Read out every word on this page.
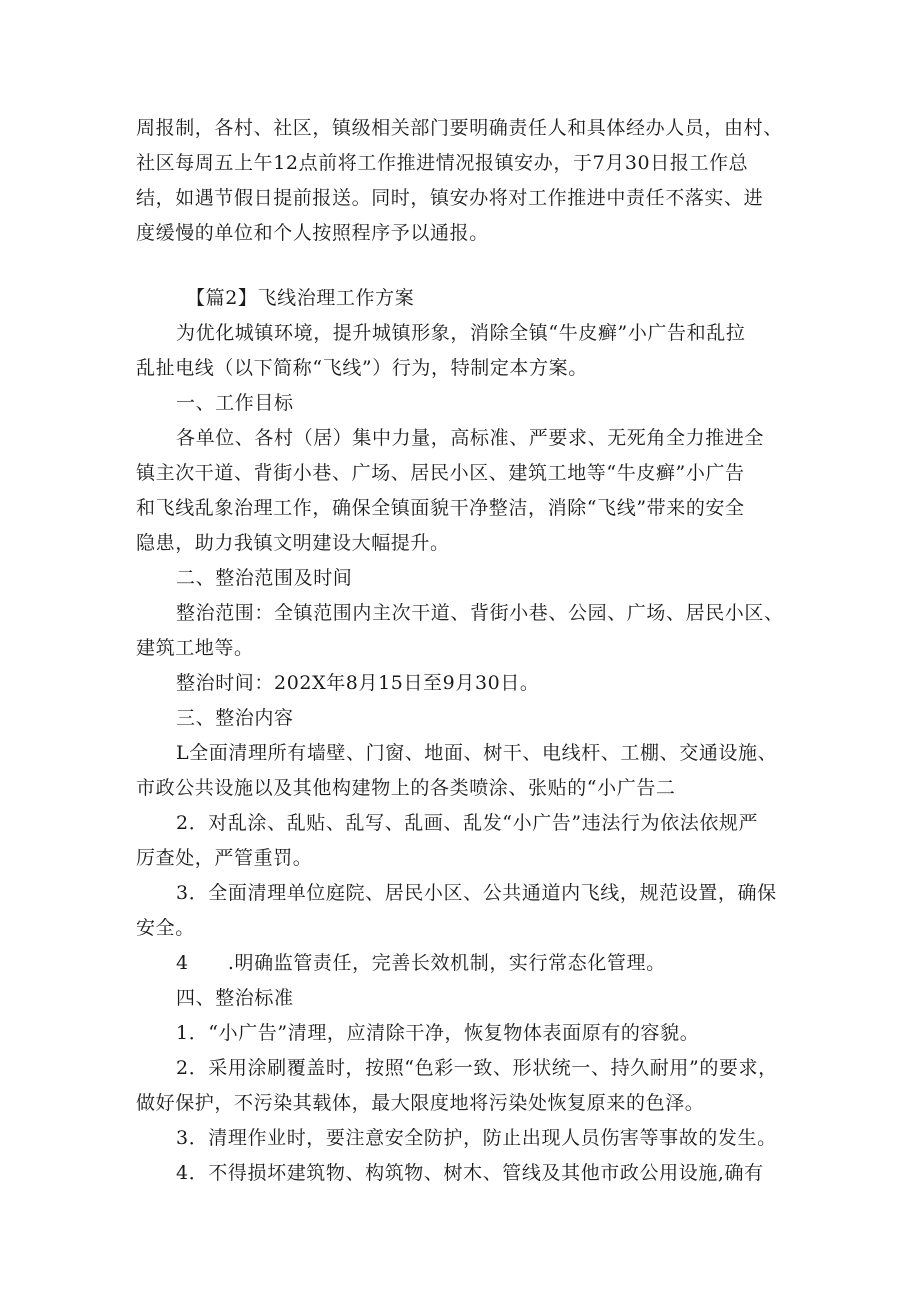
周报制，各村、社区，镇级相关部门要明确责任人和具体经办人员，由村、
社区每周五上午12点前将工作推进情况报镇安办，于7月30日报工作总
结，如遇节假日提前报送。同时，镇安办将对工作推进中责任不落实、进
度缓慢的单位和个人按照程序予以通报。
【篇2】飞线治理工作方案
为优化城镇环境，提升城镇形象，消除全镇“牛皮癣”小广告和乱拉
乱扯电线（以下简称“飞线”）行为，特制定本方案。
一、工作目标
各单位、各村（居）集中力量，高标准、严要求、无死角全力推进全
镇主次干道、背街小巷、广场、居民小区、建筑工地等“牛皮癣”小广告
和飞线乱象治理工作，确保全镇面貌干净整洁，消除“飞线”带来的安全
隐患，助力我镇文明建设大幅提升。
二、整治范围及时间
整治范围：全镇范围内主次干道、背街小巷、公园、广场、居民小区、
建筑工地等。
整治时间：202X年8月15日至9月30日。
三、整治内容
L全面清理所有墙壁、门窗、地面、树干、电线杆、工棚、交通设施、
市政公共设施以及其他构建物上的各类喷涂、张贴的“小广告二
2．对乱涂、乱贴、乱写、乱画、乱发“小广告”违法行为依法依规严
厉查处，严管重罚。
3．全面清理单位庭院、居民小区、公共通道内飞线，规范设置，确保
安全。
4　　.明确监管责任，完善长效机制，实行常态化管理。
四、整治标准
1．“小广告”清理，应清除干净，恢复物体表面原有的容貌。
2．采用涂刷覆盖时，按照“色彩一致、形状统一、持久耐用”的要求，
做好保护，不污染其载体，最大限度地将污染处恢复原来的色泽。
3．清理作业时，要注意安全防护，防止出现人员伤害等事故的发生。
4．不得损坏建筑物、构筑物、树木、管线及其他市政公用设施,确有
